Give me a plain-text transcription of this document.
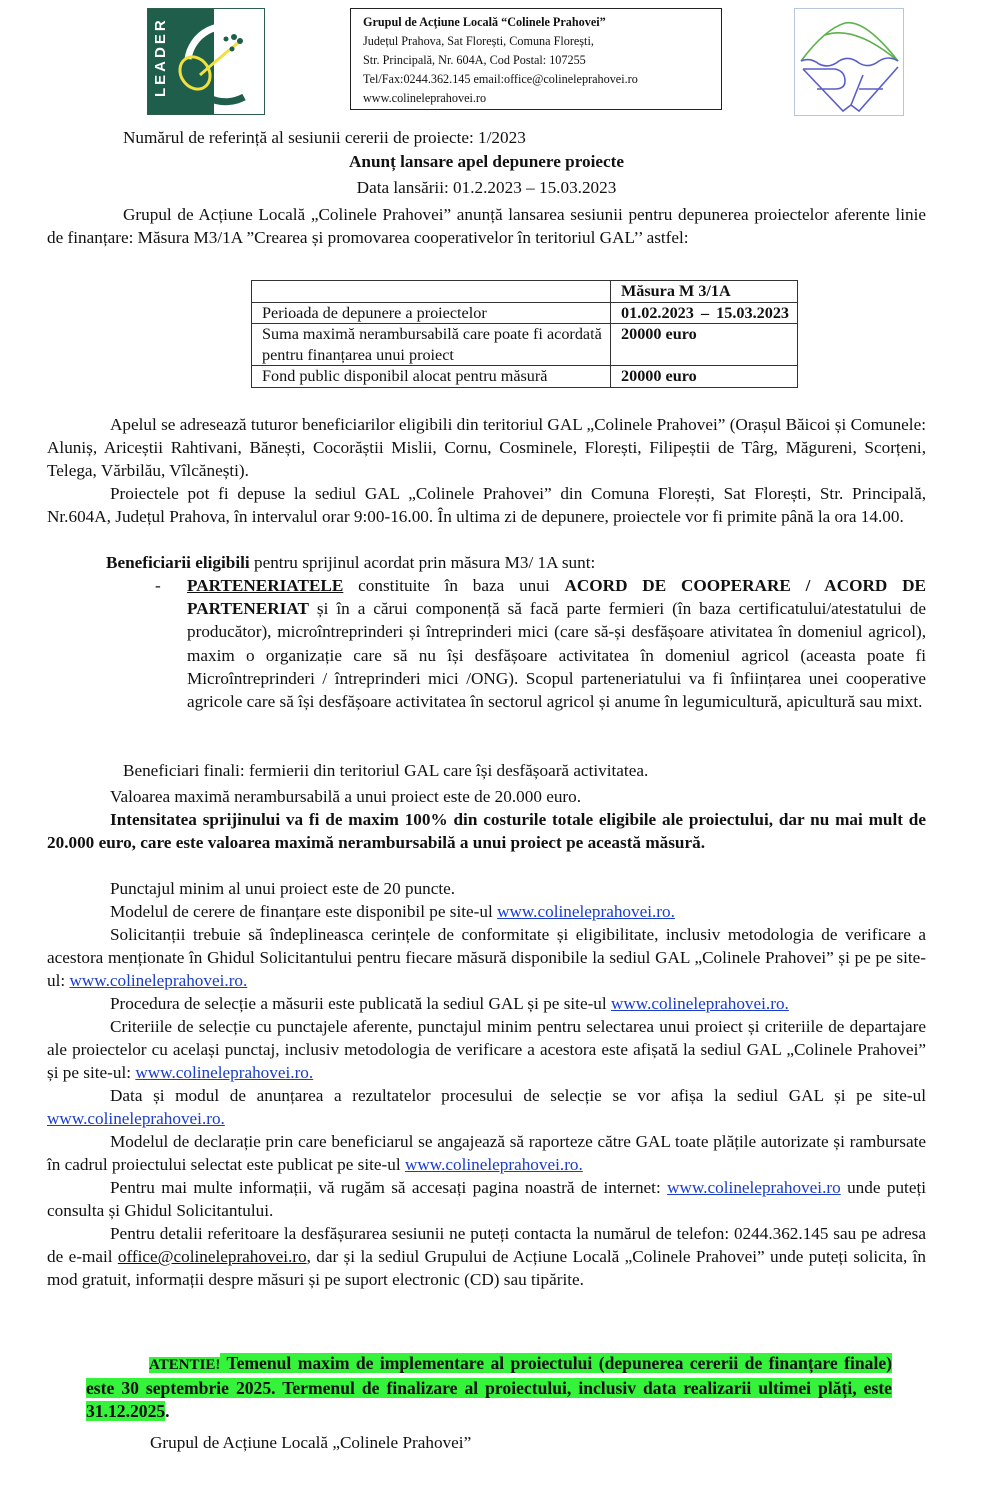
LEADER	Grupul de Acțiune Locală “Colinele Prahovei”
Județul Prahova, Sat Florești, Comuna Florești,
Str. Principală, Nr. 604A, Cod Postal: 107255
Tel/Fax:0244.362.145 email:office@colineleprahovei.ro
www.colineleprahovei.ro
Numărul de referință al sesiunii cererii de proiecte: 1/2023
Anunț lansare apel depunere proiecte
Data lansării: 01.2.2023 – 15.03.2023
Grupul de Acțiune Locală „Colinele Prahovei” anunță lansarea sesiunii pentru depunerea proiectelor aferente linie de finanțare: Măsura M3/1A ”Crearea și promovarea cooperativelor în teritoriul GAL’’ astfel:
	Măsura M 3/1A
Perioada de depunere a proiectelor	01.02.2023 – 15.03.2023
Suma maximă nerambursabilă care poate fi acordată pentru finanțarea unui proiect	20000 euro
Fond public disponibil alocat pentru măsură	20000 euro
Apelul se adresează tuturor beneficiarilor eligibili din teritoriul GAL „Colinele Prahovei” (Orașul Băicoi și Comunele: Aluniș, Ariceștii Rahtivani, Bănești, Cocorăștii Mislii, Cornu, Cosminele, Florești, Filipeștii de Târg, Măgureni, Scorțeni, Telega, Vărbilău, Vîlcănești).
Proiectele pot fi depuse la sediul GAL „Colinele Prahovei” din Comuna Florești, Sat Florești, Str. Principală, Nr.604A, Județul Prahova, în intervalul orar 9:00-16.00. În ultima zi de depunere, proiectele vor fi primite până la ora 14.00.
Beneficiarii eligibili pentru sprijinul acordat prin măsura M3/ 1A sunt:
- PARTENERIATELE constituite în baza unui ACORD DE COOPERARE / ACORD DE PARTENERIAT și în a cărui componență să facă parte fermieri (în baza certificatului/atestatului de producător), microîntreprinderi și întreprinderi mici (care să-și desfășoare ativitatea în domeniul agricol), maxim o organizație care să nu își desfășoare activitatea în domeniul agricol (aceasta poate fi Microîntreprinderi / întreprinderi mici /ONG). Scopul parteneriatului va fi înființarea unei cooperative agricole care să își desfășoare activitatea în sectorul agricol și anume în legumicultură, apicultură sau mixt.
Beneficiari finali: fermierii din teritoriul GAL care își desfășoară activitatea.
Valoarea maximă nerambursabilă a unui proiect este de 20.000 euro.
Intensitatea sprijinului va fi de maxim 100% din costurile totale eligibile ale proiectului, dar nu mai mult de 20.000 euro, care este valoarea maximă nerambursabilă a unui proiect pe această măsură.
Punctajul minim al unui proiect este de 20 puncte.
Modelul de cerere de finanțare este disponibil pe site-ul www.colineleprahovei.ro.
Solicitanții trebuie să îndeplineasca cerințele de conformitate și eligibilitate, inclusiv metodologia de verificare a acestora menționate în Ghidul Solicitantului pentru fiecare măsură disponibile la sediul GAL „Colinele Prahovei” și pe pe site-ul: www.colineleprahovei.ro.
Procedura de selecție a măsurii este publicată la sediul GAL și pe site-ul www.colineleprahovei.ro.
Criteriile de selecție cu punctajele aferente, punctajul minim pentru selectarea unui proiect și criteriile de departajare ale proiectelor cu același punctaj, inclusiv metodologia de verificare a acestora este afișată la sediul GAL „Colinele Prahovei” și pe site-ul: www.colineleprahovei.ro.
Data și modul de anunțarea a rezultatelor procesului de selecție se vor afișa la sediul GAL și pe site-ul www.colineleprahovei.ro.
Modelul de declarație prin care beneficiarul se angajează să raporteze către GAL toate plățile autorizate și rambursate în cadrul proiectului selectat este publicat pe site-ul www.colineleprahovei.ro.
Pentru mai multe informații, vă rugăm să accesați pagina noastră de internet: www.colineleprahovei.ro unde puteți consulta și Ghidul Solicitantului.
Pentru detalii referitoare la desfășurarea sesiunii ne puteți contacta la numărul de telefon: 0244.362.145 sau pe adresa de e-mail office@colineleprahovei.ro, dar și la sediul Grupului de Acțiune Locală „Colinele Prahovei” unde puteți solicita, în mod gratuit, informații despre măsuri și pe suport electronic (CD) sau tipărite.
ATENTIE! Temenul maxim de implementare al proiectului (depunerea cererii de finanțare finale) este 30 septembrie 2025. Termenul de finalizare al proiectului, inclusiv data realizarii ultimei plăți, este 31.12.2025.
Grupul de Acțiune Locală „Colinele Prahovei”
